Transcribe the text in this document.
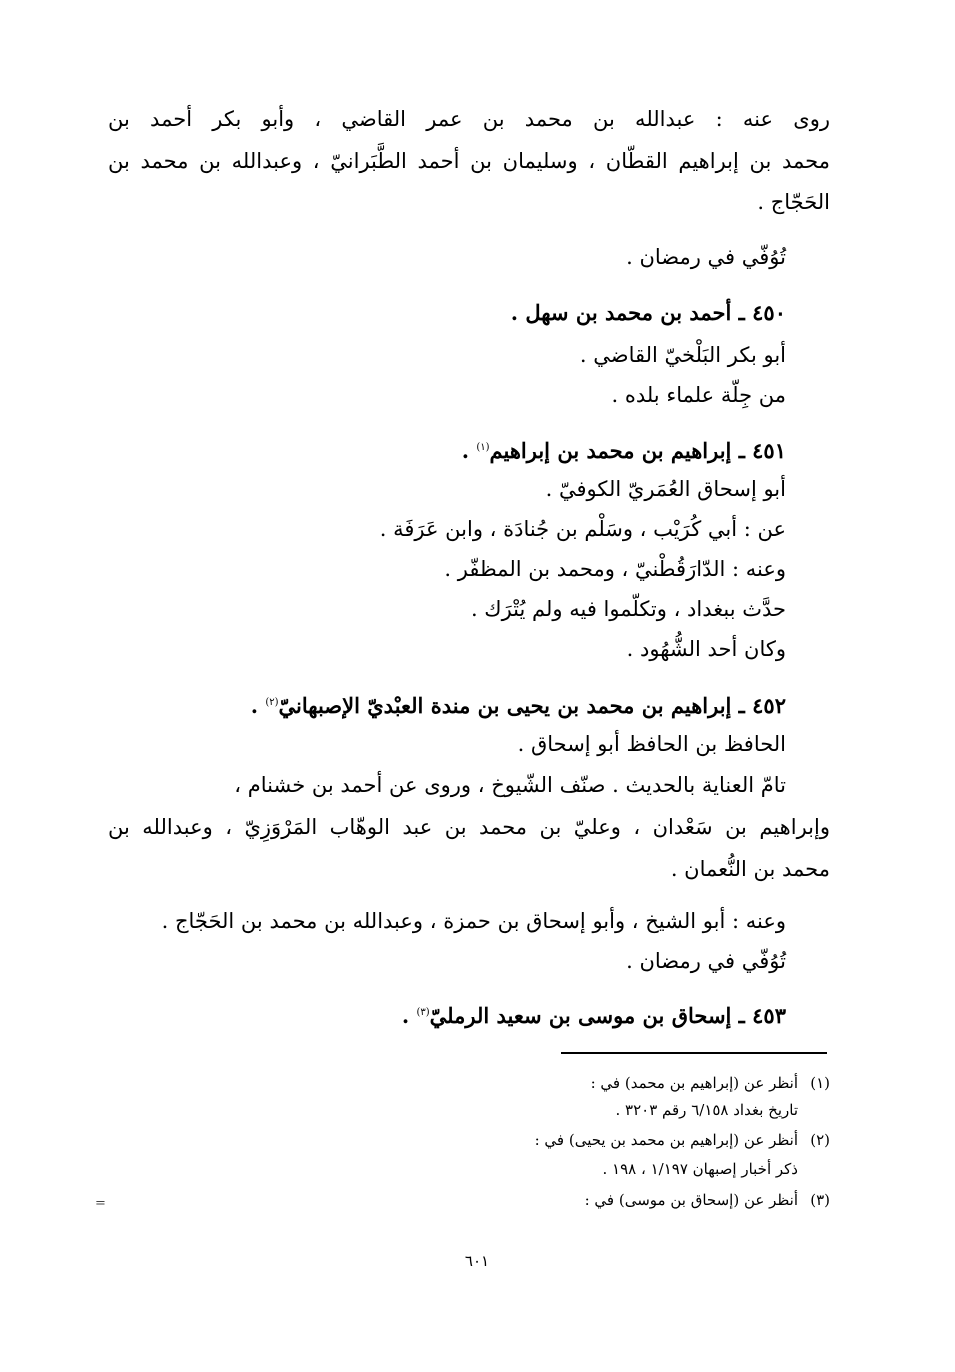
روى عنه : عبدالله بن محمد بن عمر القاضي ، وأبو بكر أحمد بن
محمد بن إبراهيم القطّان ، وسليمان بن أحمد الطَّبَرانيّ ، وعبدالله بن محمد بن
الحَجّاج .
تُوُفّي في رمضان .
٤٥٠ ـ أحمد بن محمد بن سهل .
أبو بكر البَلْخيّ القاضي .
من جِلّة علماء بلده .
٤٥١ ـ إبراهيم بن محمد بن إبراهيم$^{(١)}$ .
أبو إسحاق العُمَريّ الكوفيّ .
عن : أبي كُرَيْب ، وسَلْم بن جُنادَة ، وابن عَرَفَة .
وعنه : الدّارَقُطْنيّ ، ومحمد بن المظفّر .
حدَّث ببغداد ، وتكلّموا فيه ولم يُتْرَك .
وكان أحد الشُّهُود .
٤٥٢ ـ إبراهيم بن محمد بن يحيى بن مندة العبْديّ الإصبهانيّ$^{(٢)}$ .
الحافظ بن الحافظ أبو إسحاق .
تامّ العناية بالحديث . صنّف الشّيوخ ، وروى عن أحمد بن خشنام ،
وإبراهيم بن سَعْدان ، وعليّ بن محمد بن عبد الوهّاب المَرْوَزِيّ ، وعبدالله بن
محمد بن النُّعمان .
وعنه : أبو الشيخ ، وأبو إسحاق بن حمزة ، وعبدالله بن محمد بن الحَجّاج .
تُوُفّي في رمضان .
٤٥٣ ـ إسحاق بن موسى بن سعيد الرمليّ$^{(٣)}$ .
(١)أنظر عن (إبراهيم بن محمد) في :
تاريخ بغداد ٦/١٥٨ رقم ٣٢٠٣ .
(٢)أنظر عن (إبراهيم بن محمد بن يحيى) في :
ذكر أخبار إصبهان ١/١٩٧ ، ١٩٨ .
(٣)أنظر عن (إسحاق بن موسى) في :
=
٦٠١
